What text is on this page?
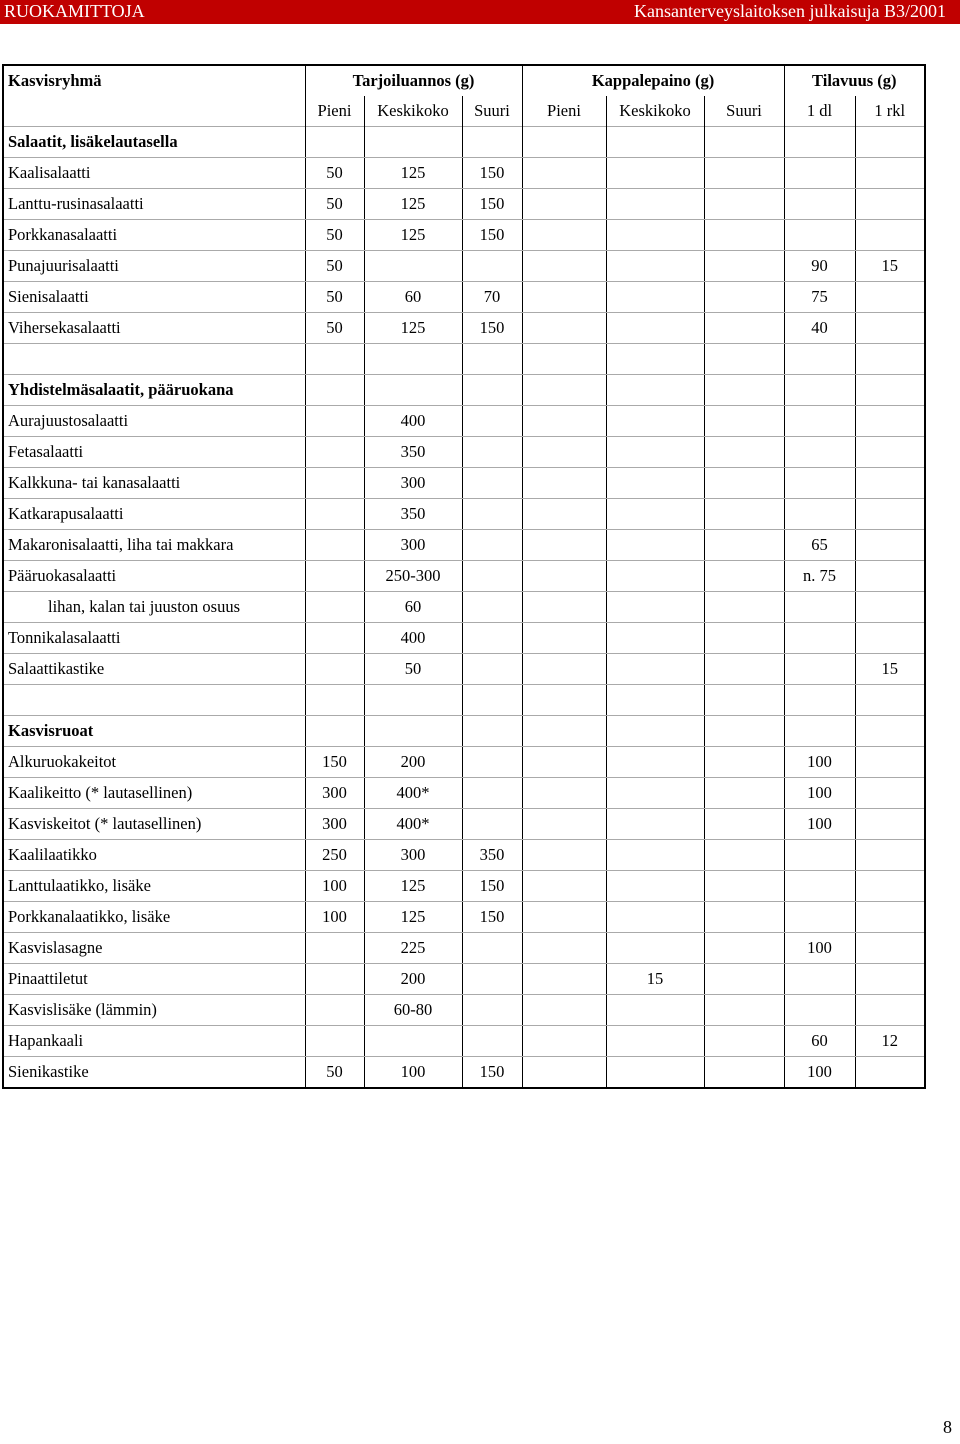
RUOKAMITTOJA	Kansanterveyslaitoksen julkaisuja B3/2001
Kasvisryhmä	Tarjoiluannos (g)			Kappalepaino (g)			Tilavuus (g)	
	Pieni	Keskikoko	Suuri	Pieni	Keskikoko	Suuri	1 dl	1 rkl
Salaatit, lisäkelautasella								
Kaalisalaatti	50	125	150					
Lanttu-rusinasalaatti	50	125	150					
Porkkanasalaatti	50	125	150					
Punajuurisalaatti	50						90	15
Sienisalaatti	50	60	70				75	
Vihersekasalaatti	50	125	150				40	

Yhdistelmäsalaatit, pääruokana								
Aurajuustosalaatti		400						
Fetasalaatti		350						
Kalkkuna- tai kanasalaatti		300						
Katkarapusalaatti		350						
Makaronisalaatti, liha tai makkara		300					65	
Pääruokasalaatti		250-300					n. 75	
lihan, kalan tai juuston osuus		60						
Tonnikalasalaatti		400						
Salaattikastike		50						15

Kasvisruoat								
Alkuruokakeitot	150	200					100	
Kaalikeitto (* lautasellinen)	300	400*					100	
Kasviskeitot (* lautasellinen)	300	400*					100	
Kaalilaatikko	250	300	350					
Lanttulaatikko, lisäke	100	125	150					
Porkkanalaatikko, lisäke	100	125	150					
Kasvislasagne		225					100	
Pinaattiletut		200			15			
Kasvislisäke (lämmin)		60-80						
Hapankaali							60	12
Sienikastike	50	100	150				100	
8
